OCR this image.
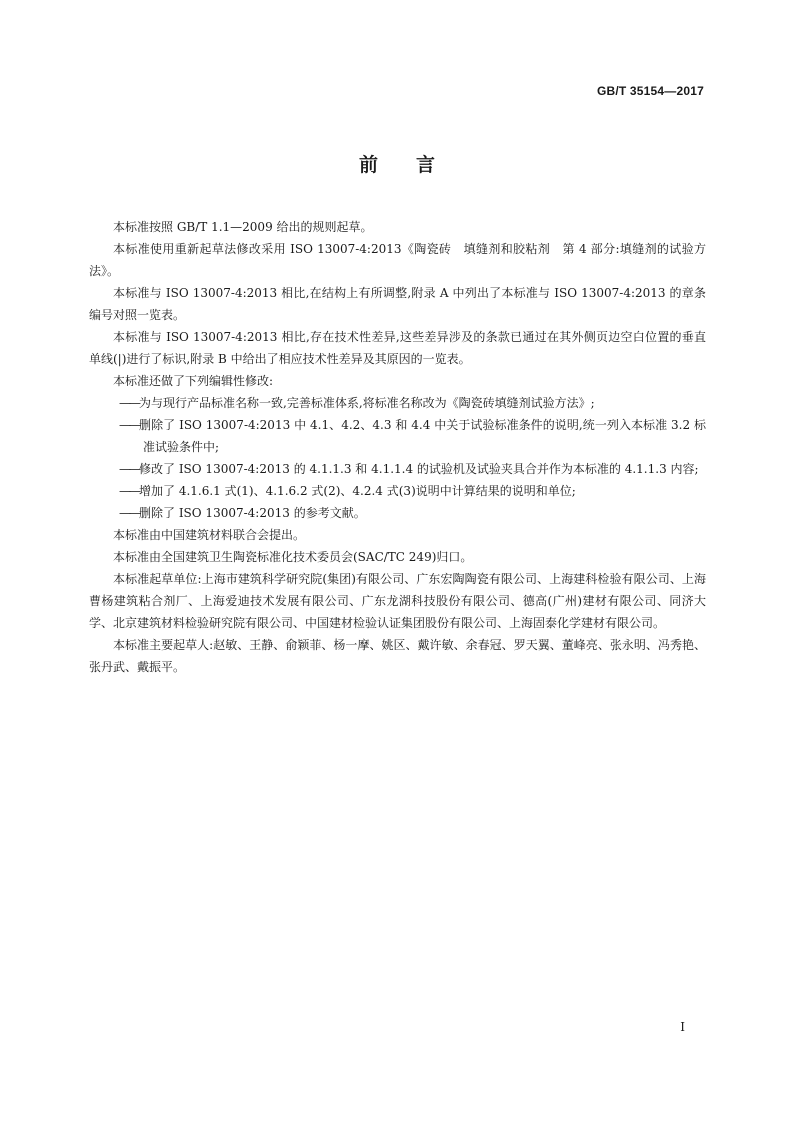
GB/T 35154—2017
前言

本标准按照 GB/T 1.1—2009 给出的规则起草。

本标准使用重新起草法修改采用 ISO 13007-4:2013《陶瓷砖　填缝剂和胶粘剂　第 4 部分:填缝剂的试验方法》。

本标准与 ISO 13007-4:2013 相比,在结构上有所调整,附录 A 中列出了本标准与 ISO 13007-4:2013 的章条编号对照一览表。

本标准与 ISO 13007-4:2013 相比,存在技术性差异,这些差异涉及的条款已通过在其外侧页边空白位置的垂直单线(|)进行了标识,附录 B 中给出了相应技术性差异及其原因的一览表。

本标准还做了下列编辑性修改:

——为与现行产品标准名称一致,完善标准体系,将标准名称改为《陶瓷砖填缝剂试验方法》;

——删除了 ISO 13007-4:2013 中 4.1、4.2、4.3 和 4.4 中关于试验标准条件的说明,统一列入本标准 3.2 标准试验条件中;

——修改了 ISO 13007-4:2013 的 4.1.1.3 和 4.1.1.4 的试验机及试验夹具合并作为本标准的 4.1.1.3 内容;

——增加了 4.1.6.1 式(1)、4.1.6.2 式(2)、4.2.4 式(3)说明中计算结果的说明和单位;

——删除了 ISO 13007-4:2013 的参考文献。

本标准由中国建筑材料联合会提出。

本标准由全国建筑卫生陶瓷标准化技术委员会(SAC/TC 249)归口。

本标准起草单位:上海市建筑科学研究院(集团)有限公司、广东宏陶陶瓷有限公司、上海建科检验有限公司、上海曹杨建筑粘合剂厂、上海爱迪技术发展有限公司、广东龙湖科技股份有限公司、德高(广州)建材有限公司、同济大学、北京建筑材料检验研究院有限公司、中国建材检验认证集团股份有限公司、上海固泰化学建材有限公司。

本标准主要起草人:赵敏、王静、俞颖菲、杨一摩、姚区、戴许敏、余春冠、罗天翼、董峰亮、张永明、冯秀艳、张丹武、戴振平。

I
